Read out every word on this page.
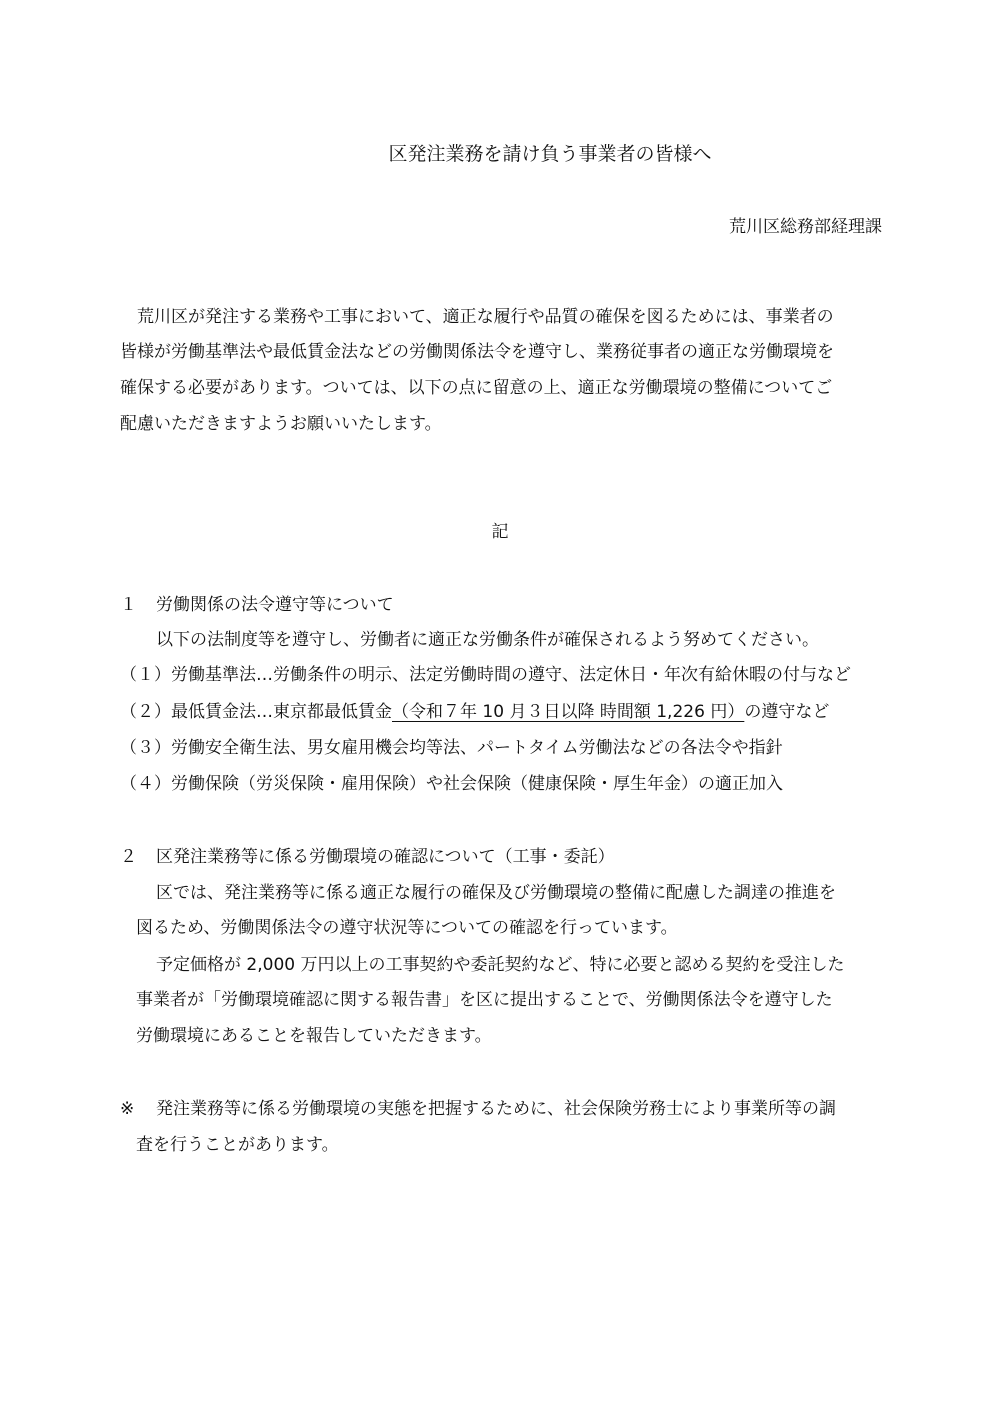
区発注業務を請け負う事業者の皆様へ
荒川区総務部経理課
　荒川区が発注する業務や工事において、適正な履行や品質の確保を図るためには、事業者の
皆様が労働基準法や最低賃金法などの労働関係法令を遵守し、業務従事者の適正な労働環境を
確保する必要があります。ついては、以下の点に留意の上、適正な労働環境の整備についてご
配慮いただきますようお願いいたします。
記
１ 労働関係の法令遵守等について
以下の法制度等を遵守し、労働者に適正な労働条件が確保されるよう努めてください。
（１）労働基準法…労働条件の明示、法定労働時間の遵守、法定休日・年次有給休暇の付与など
（２）最低賃金法…東京都最低賃金（令和７年 10 月３日以降 時間額 1,226 円）の遵守など
（３）労働安全衛生法、男女雇用機会均等法、パートタイム労働法などの各法令や指針
（４）労働保険（労災保険・雇用保険）や社会保険（健康保険・厚生年金）の適正加入
２ 区発注業務等に係る労働環境の確認について（工事・委託）
区では、発注業務等に係る適正な履行の確保及び労働環境の整備に配慮した調達の推進を
図るため、労働関係法令の遵守状況等についての確認を行っています。
予定価格が 2,000 万円以上の工事契約や委託契約など、特に必要と認める契約を受注した
事業者が「労働環境確認に関する報告書」を区に提出することで、労働関係法令を遵守した
労働環境にあることを報告していただきます。
※ 発注業務等に係る労働環境の実態を把握するために、社会保険労務士により事業所等の調
査を行うことがあります。
